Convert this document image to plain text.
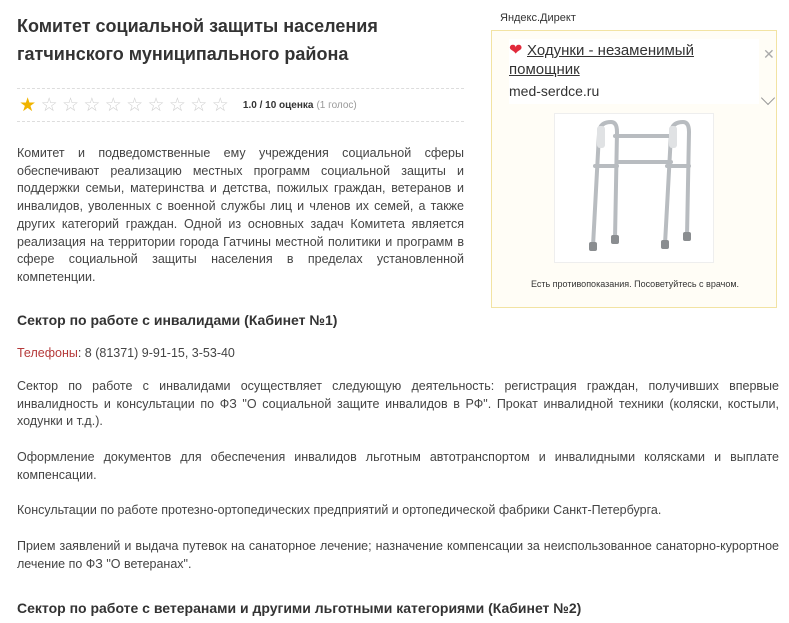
Комитет социальной защиты населения
гатчинского муниципального района
★ ☆ ☆ ☆ ☆ ☆ ☆ ☆ ☆ ☆ 1.0 / 10 оценка (1 голос)
Комитет и подведомственные ему учреждения социальной сферы обеспечивают реализацию местных программ социальной защиты и поддержки семьи, материнства и детства, пожилых граждан, ветеранов и инвалидов, уволенных с военной службы лиц и членов их семей, а также других категорий граждан. Одной из основных задач Комитета является реализация на территории города Гатчины местной политики и программ в сфере социальной защиты населения в пределах установленной компетенции.
Сектор по работе с инвалидами (Кабинет №1)
Телефоны: 8 (81371) 9-91-15, 3-53-40
Сектор по работе с инвалидами осуществляет следующую деятельность: регистрация граждан, получивших впервые инвалидность и консультации по ФЗ "О социальной защите инвалидов в РФ". Прокат инвалидной техники (коляски, костыли, ходунки и т.д.).
Оформление документов для обеспечения инвалидов льготным автотранспортом и инвалидными колясками и выплате компенсации.
Консультации по работе протезно-ортопедических предприятий и ортопедической фабрики Санкт-Петербурга.
Прием заявлений и выдача путевок на санаторное лечение; назначение компенсации за неиспользованное санаторно-курортное лечение по ФЗ "О ветеранах".
Сектор по работе с ветеранами и другими льготными категориями (Кабинет №2)
Яндекс.Директ
❤ Ходунки - незаменимый
помощник
✕
med-serdce.ru
Есть противопоказания. Посоветуйтесь с врачом.
